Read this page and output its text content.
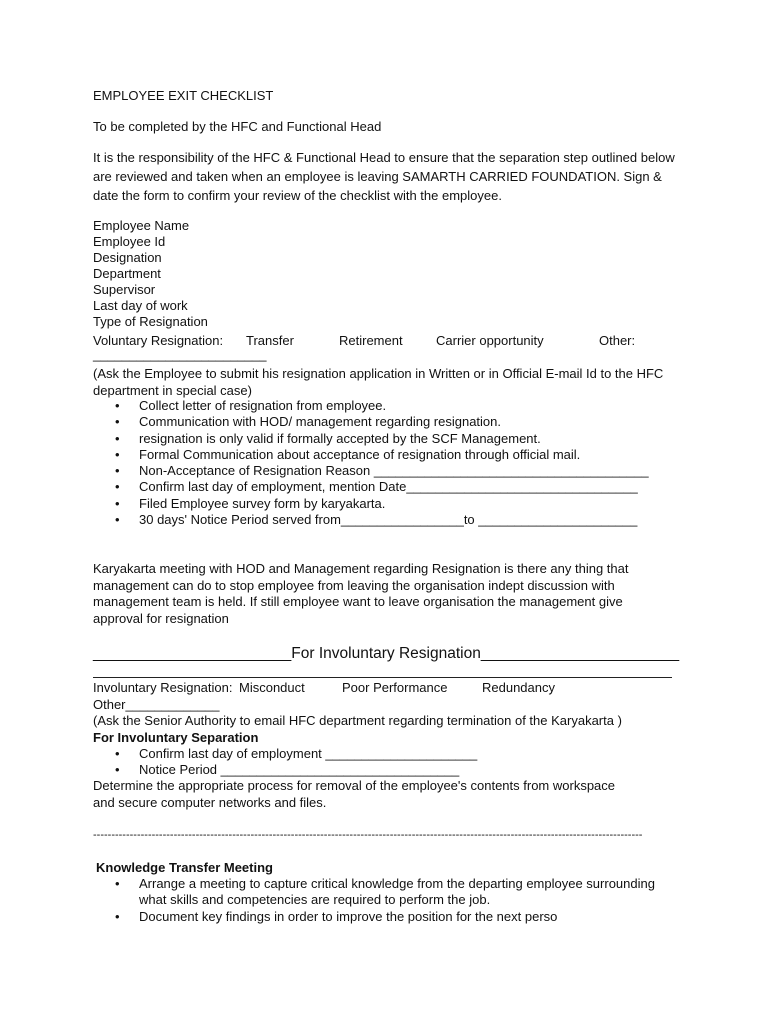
EMPLOYEE EXIT CHECKLIST
To be completed by the HFC and Functional Head
It is the responsibility of the HFC & Functional Head to ensure that the separation step outlined below are reviewed and taken when an employee is leaving SAMARTH CARRIED FOUNDATION. Sign & date the form to confirm your review of the checklist with the employee.
Employee Name
Employee Id
Designation
Department
Supervisor
Last day of work
Type of Resignation
Voluntary Resignation: Transfer	Retirement	Carrier opportunity	Other:
________________________
(Ask the Employee to submit his resignation application in Written or in Official E-mail Id to the HFC department in special case)
• Collect letter of resignation from employee.
• Communication with HOD/ management regarding resignation.
• resignation is only valid if formally accepted by the SCF Management.
• Formal Communication about acceptance of resignation through official mail.
• Non-Acceptance of Resignation Reason ______________________________________
• Confirm last day of employment, mention Date________________________________
• Filed Employee survey form by karyakarta.
• 30 days' Notice Period served from_________________to ______________________
Karyakarta meeting with HOD and Management regarding Resignation is there any thing that management can do to stop employee from leaving the organisation indept discussion with management team is held. If still employee want to leave organisation the management give approval for resignation
_______________________For Involuntary Resignation_______________________
Involuntary Resignation: Misconduct	Poor Performance	Redundancy
Other_____________
(Ask the Senior Authority to email HFC department regarding termination of the Karyakarta )
For Involuntary Separation
• Confirm last day of employment _____________________
• Notice Period _________________________________
Determine the appropriate process for removal of the employee's contents from workspace and secure computer networks and files.
------------------------------------------------------------------------------------------------------------------------------------------------------
Knowledge Transfer Meeting
• Arrange a meeting to capture critical knowledge from the departing employee surrounding what skills and competencies are required to perform the job.
• Document key findings in order to improve the position for the next perso
